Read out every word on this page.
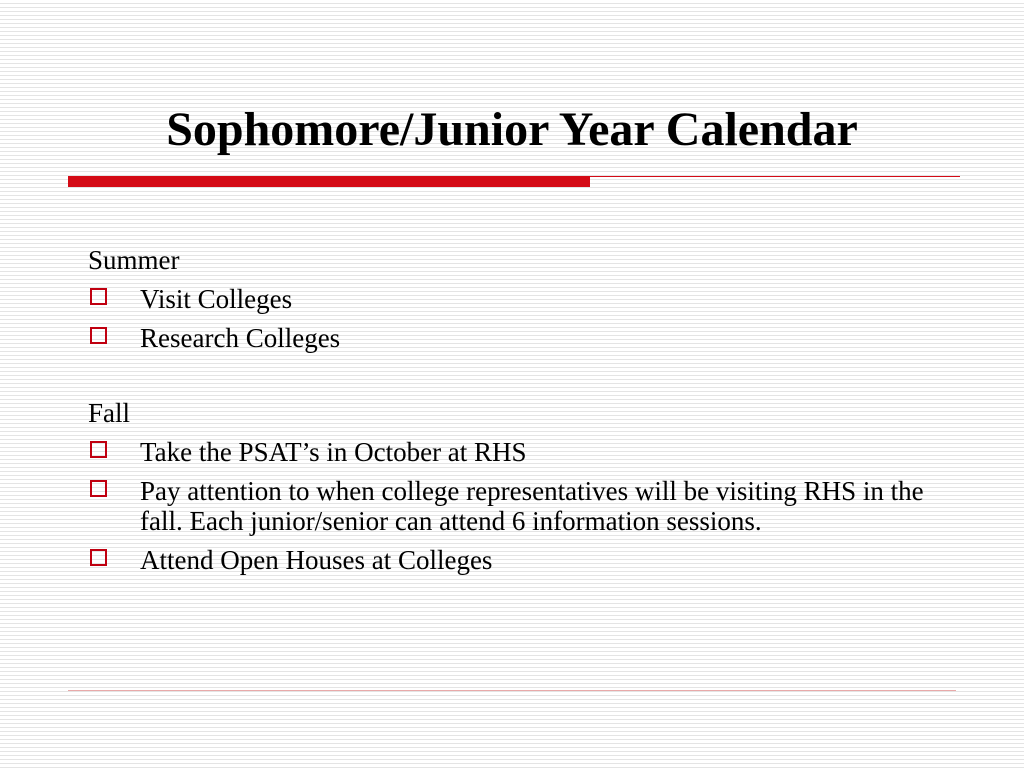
Sophomore/Junior Year Calendar

Summer

Visit Colleges
Research Colleges

Fall

Take the PSAT’s in October at RHS
Pay attention to when college representatives will be visiting RHS in the fall. Each junior/senior can attend 6 information sessions.
Attend Open Houses at Colleges
